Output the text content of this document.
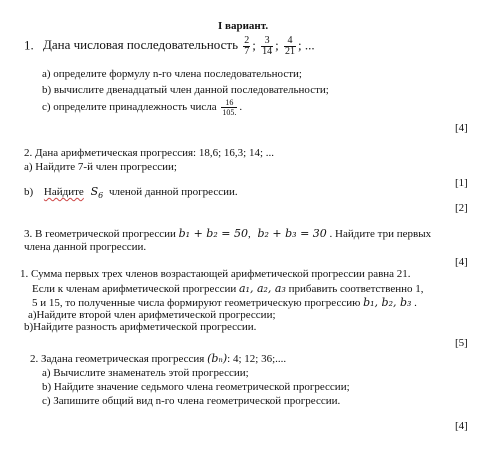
I вариант.
1. Дана числовая последовательность $\frac{2}{7}$ ; $\frac{3}{14}$ ; $\frac{4}{21}$ ; ...
a) определите формулу n-го члена последовательности;
b) вычислите двенадцатый член данной последовательности;
c) определите принадлежность числа $\frac{16}{105.}$ .
[4]
2. Дана арифметическая прогрессия: 18,6; 16,3; 14; ...
а) Найдите 7-й член прогрессии;
[1]
b) Найдите $S_6$ членой данной прогрессии.
[2]
3. В геометрической прогрессии b₁ + b₂ = 50, b₂ + b₃ = 30 . Найдите три первых
члена данной прогрессии.
[4]
1. Сумма первых трех членов возрастающей арифметической прогрессии равна 21.
Если к членам арифметической прогрессии a₁, a₂, a₃ прибавить соответственно 1,
5 и 15, то полученные числа формируют геометрическую прогрессию b₁, b₂, b₃ .
а)Найдите второй член арифметической прогрессии;
b)Найдите разность арифметической прогрессии.
[5]
2. Задана геометрическая прогрессия (bₙ): 4; 12; 36;....
a) Вычислите знаменатель этой прогрессии;
b) Найдите значение седьмого члена геометрической прогрессии;
c) Запишите общий вид n-го члена геометрической прогрессии.
[4]
